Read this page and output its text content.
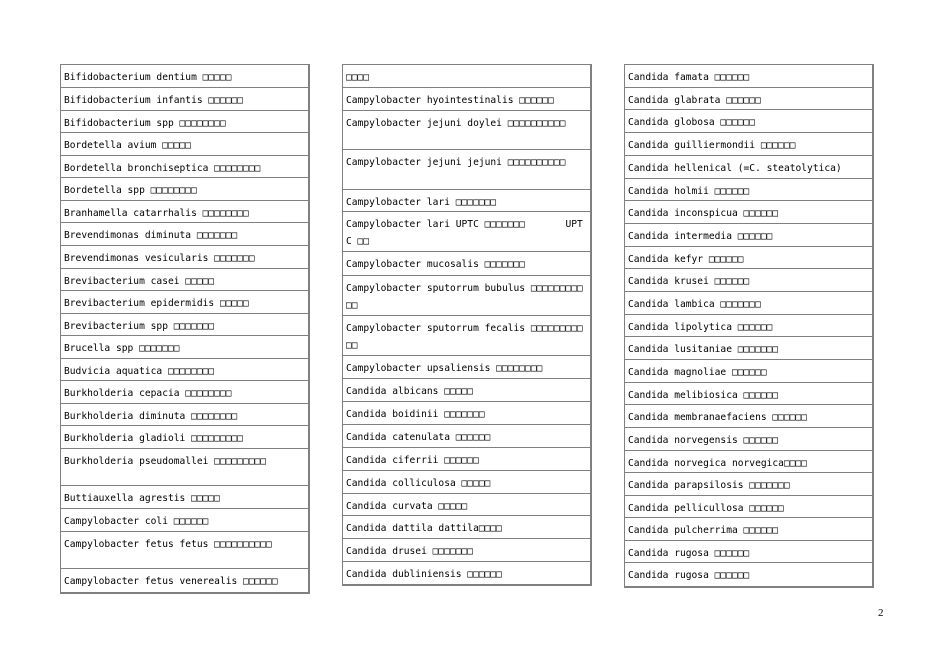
Bifidobacterium dentium □□□□□
Bifidobacterium infantis □□□□□□
Bifidobacterium spp □□□□□□□□
Bordetella avium □□□□□
Bordetella bronchiseptica □□□□□□□□
Bordetella spp □□□□□□□□
Branhamella catarrhalis □□□□□□□□
Brevendimonas diminuta □□□□□□□
Brevendimonas vesicularis □□□□□□□
Brevibacterium casei □□□□□
Brevibacterium epidermidis □□□□□
Brevibacterium spp □□□□□□□
Brucella spp □□□□□□□
Budvicia aquatica □□□□□□□□
Burkholderia cepacia □□□□□□□□
Burkholderia diminuta □□□□□□□□
Burkholderia gladioli □□□□□□□□□
Burkholderia pseudomallei □□□□□□□□□
Buttiauxella agrestis □□□□□
Campylobacter coli □□□□□□
Campylobacter fetus fetus □□□□□□□□□□
Campylobacter fetus venerealis □□□□□□
□□□□
Campylobacter hyointestinalis □□□□□□
Campylobacter jejuni doylei □□□□□□□□□□
Campylobacter jejuni jejuni □□□□□□□□□□
Campylobacter lari □□□□□□□
Campylobacter lari UPTC □□□□□□□       UPTC □□
Campylobacter mucosalis □□□□□□□
Campylobacter sputorrum bubulus □□□□□□□□□□□
Campylobacter sputorrum fecalis □□□□□□□□□□□
Campylobacter upsaliensis □□□□□□□□
Candida albicans □□□□□
Candida boidinii □□□□□□□
Candida catenulata □□□□□□
Candida ciferrii □□□□□□
Candida colliculosa □□□□□
Candida curvata □□□□□
Candida dattila dattila□□□□
Candida drusei □□□□□□□
Candida dubliniensis □□□□□□
Candida famata □□□□□□
Candida glabrata □□□□□□
Candida globosa □□□□□□
Candida guilliermondii □□□□□□
Candida hellenical (=C. steatolytica)
Candida holmii □□□□□□
Candida inconspicua □□□□□□
Candida intermedia □□□□□□
Candida kefyr □□□□□□
Candida krusei □□□□□□
Candida lambica □□□□□□□
Candida lipolytica □□□□□□
Candida lusitaniae □□□□□□□
Candida magnoliae □□□□□□
Candida melibiosica □□□□□□
Candida membranaefaciens □□□□□□
Candida norvegensis □□□□□□
Candida norvegica norvegica□□□□
Candida parapsilosis □□□□□□□
Candida pellicullosa □□□□□□
Candida pulcherrima □□□□□□
Candida rugosa □□□□□□
Candida rugosa □□□□□□
2
